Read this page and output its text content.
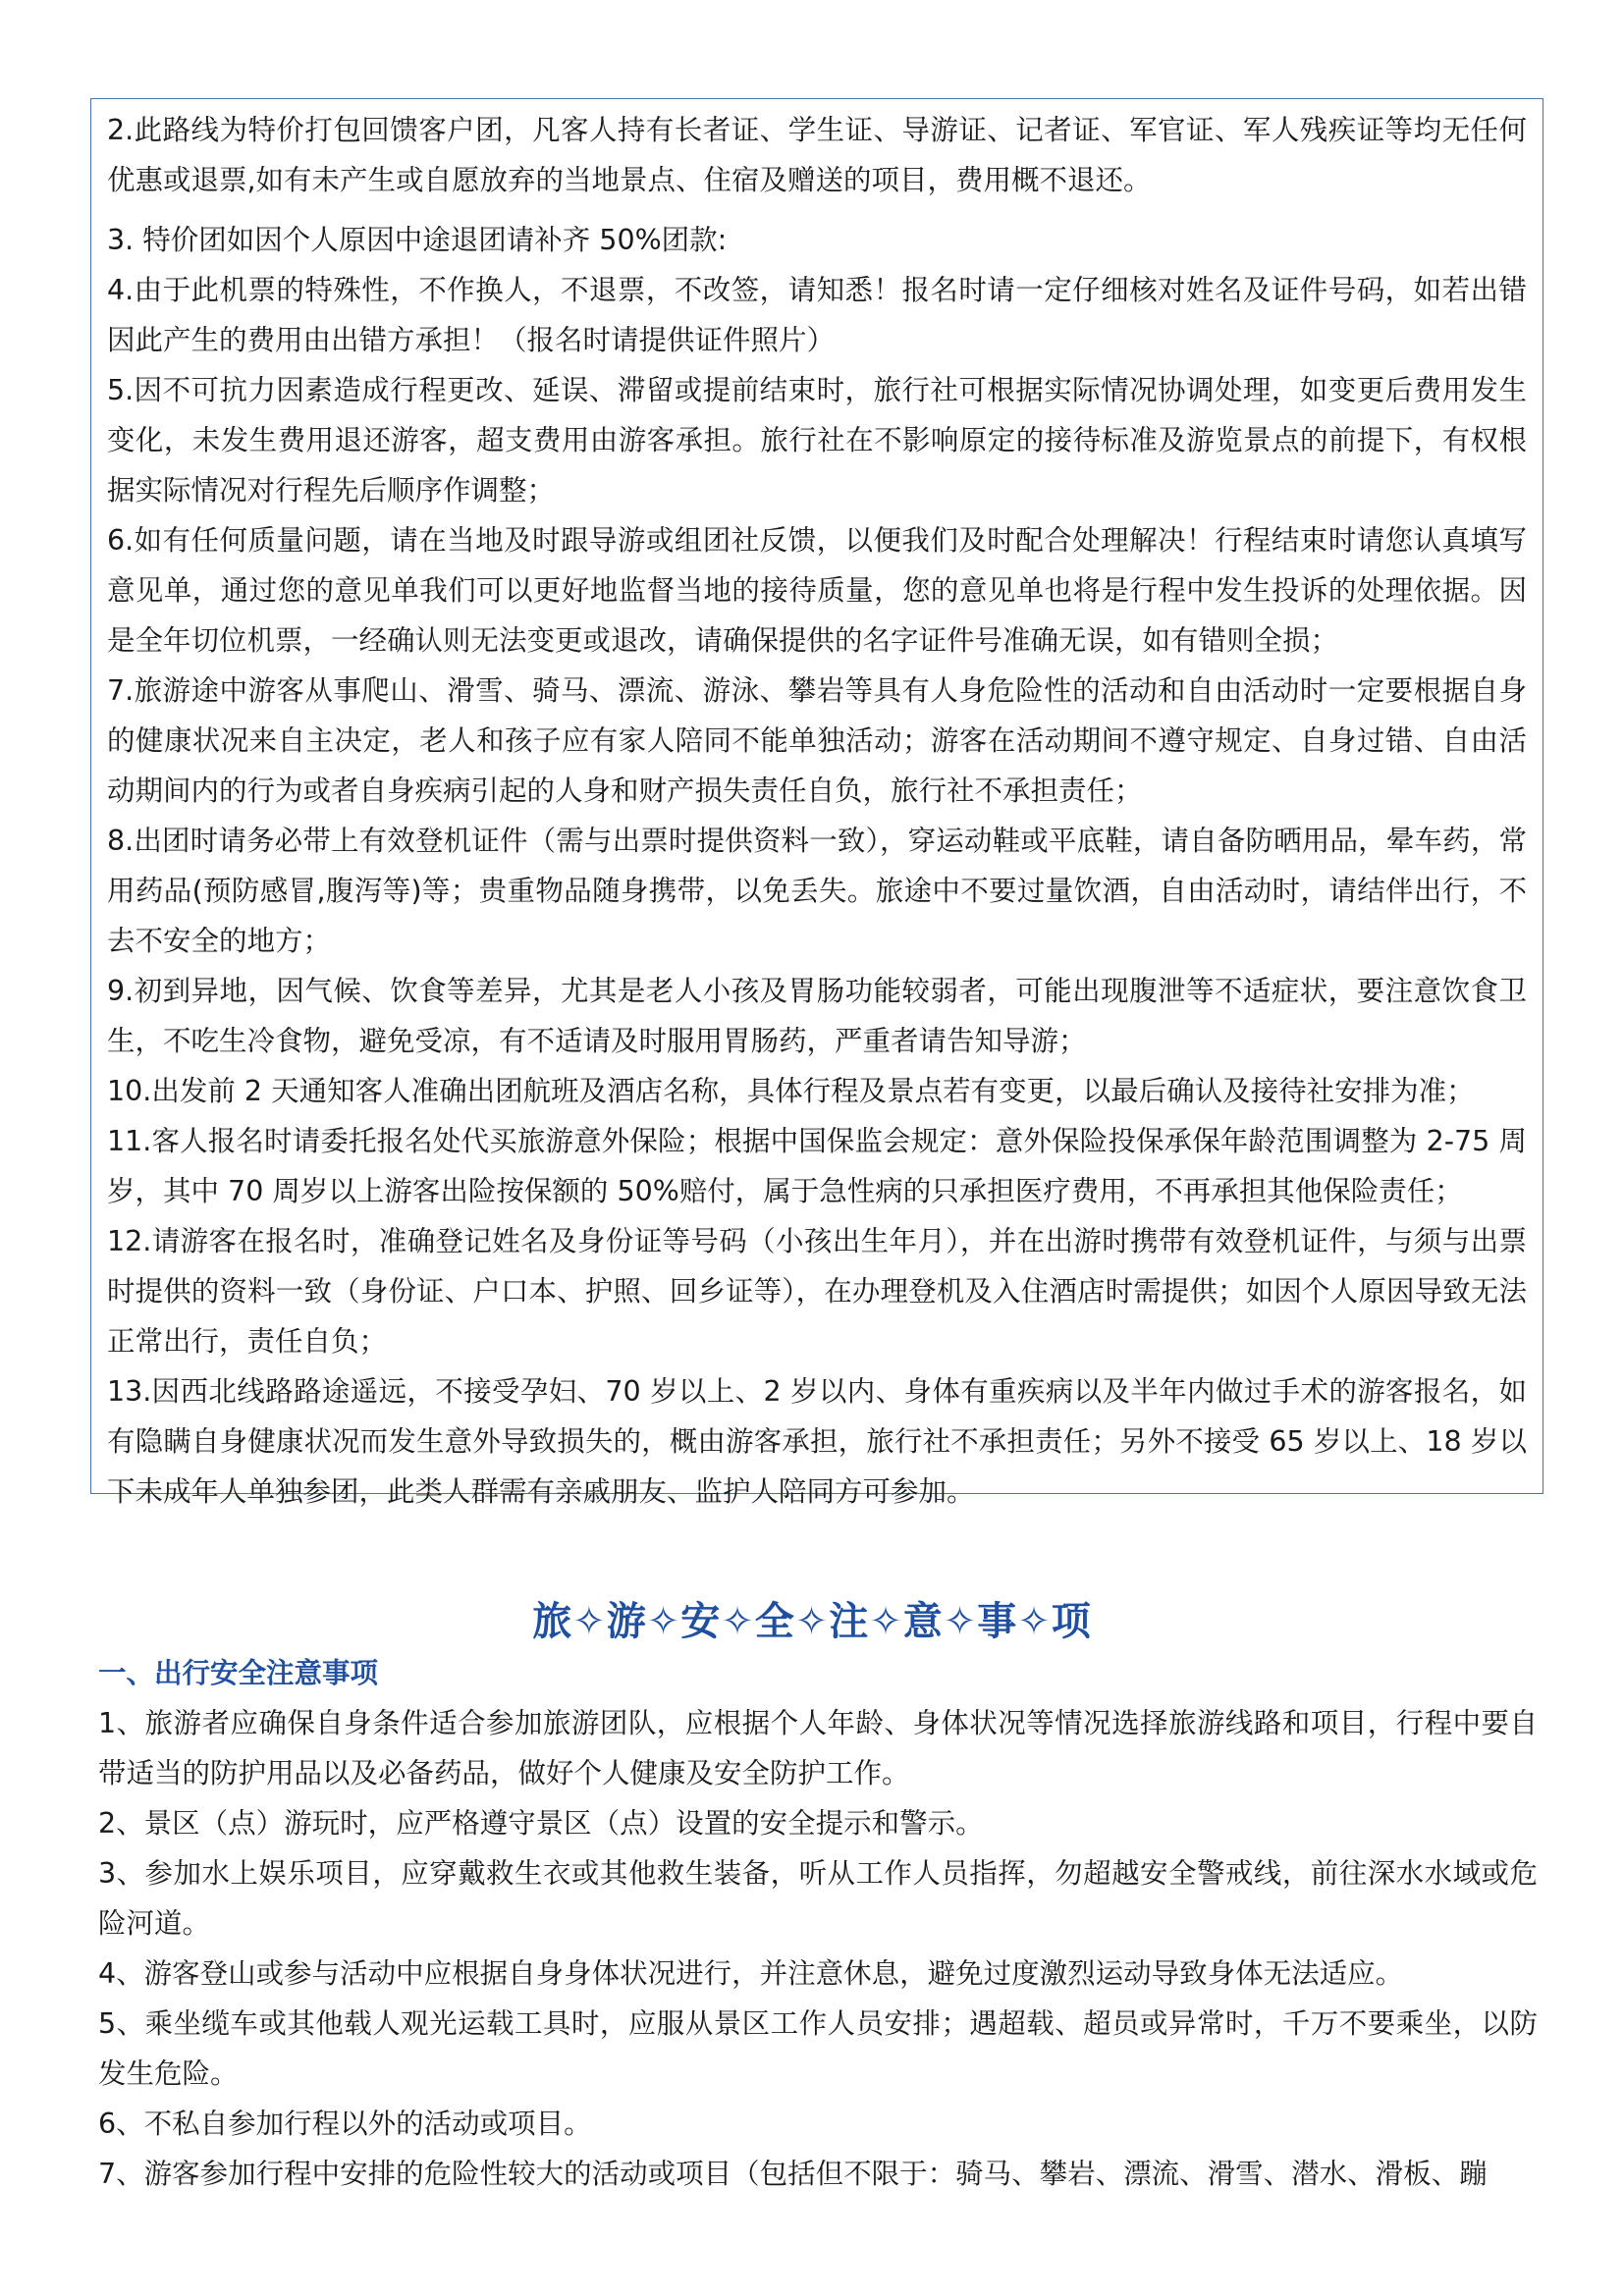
2.此路线为特价打包回馈客户团，凡客人持有长者证、学生证、导游证、记者证、军官证、军人残疾证等均无任何优惠或退票,如有未产生或自愿放弃的当地景点、住宿及赠送的项目，费用概不退还。

3. 特价团如因个人原因中途退团请补齐 50%团款:

4.由于此机票的特殊性，不作换人，不退票，不改签，请知悉！报名时请一定仔细核对姓名及证件号码，如若出错因此产生的费用由出错方承担！（报名时请提供证件照片）

5.因不可抗力因素造成行程更改、延误、滞留或提前结束时，旅行社可根据实际情况协调处理，如变更后费用发生变化，未发生费用退还游客，超支费用由游客承担。旅行社在不影响原定的接待标准及游览景点的前提下，有权根据实际情况对行程先后顺序作调整；

6.如有任何质量问题，请在当地及时跟导游或组团社反馈，以便我们及时配合处理解决！行程结束时请您认真填写意见单，通过您的意见单我们可以更好地监督当地的接待质量，您的意见单也将是行程中发生投诉的处理依据。因是全年切位机票，一经确认则无法变更或退改，请确保提供的名字证件号准确无误，如有错则全损；

7.旅游途中游客从事爬山、滑雪、骑马、漂流、游泳、攀岩等具有人身危险性的活动和自由活动时一定要根据自身的健康状况来自主决定，老人和孩子应有家人陪同不能单独活动；游客在活动期间不遵守规定、自身过错、自由活动期间内的行为或者自身疾病引起的人身和财产损失责任自负，旅行社不承担责任；

8.出团时请务必带上有效登机证件（需与出票时提供资料一致），穿运动鞋或平底鞋，请自备防晒用品，晕车药，常用药品(预防感冒,腹泻等)等；贵重物品随身携带，以免丢失。旅途中不要过量饮酒，自由活动时，请结伴出行，不去不安全的地方；

9.初到异地，因气候、饮食等差异，尤其是老人小孩及胃肠功能较弱者，可能出现腹泄等不适症状，要注意饮食卫生，不吃生冷食物，避免受凉，有不适请及时服用胃肠药，严重者请告知导游；

10.出发前 2 天通知客人准确出团航班及酒店名称，具体行程及景点若有变更，以最后确认及接待社安排为准；

11.客人报名时请委托报名处代买旅游意外保险；根据中国保监会规定：意外保险投保承保年龄范围调整为 2-75 周岁，其中 70 周岁以上游客出险按保额的 50%赔付，属于急性病的只承担医疗费用，不再承担其他保险责任；

12.请游客在报名时，准确登记姓名及身份证等号码（小孩出生年月），并在出游时携带有效登机证件，与须与出票时提供的资料一致（身份证、户口本、护照、回乡证等），在办理登机及入住酒店时需提供；如因个人原因导致无法正常出行，责任自负；

13.因西北线路路途遥远，不接受孕妇、70 岁以上、2 岁以内、身体有重疾病以及半年内做过手术的游客报名，如有隐瞒自身健康状况而发生意外导致损失的，概由游客承担，旅行社不承担责任；另外不接受 65 岁以上、18 岁以下未成年人单独参团，此类人群需有亲戚朋友、监护人陪同方可参加。

旅✧游✧安✧全✧注✧意✧事✧项
一、出行安全注意事项

1、旅游者应确保自身条件适合参加旅游团队，应根据个人年龄、身体状况等情况选择旅游线路和项目，行程中要自带适当的防护用品以及必备药品，做好个人健康及安全防护工作。

2、景区（点）游玩时，应严格遵守景区（点）设置的安全提示和警示。

3、参加水上娱乐项目，应穿戴救生衣或其他救生装备，听从工作人员指挥，勿超越安全警戒线，前往深水水域或危险河道。

4、游客登山或参与活动中应根据自身身体状况进行，并注意休息，避免过度激烈运动导致身体无法适应。

5、乘坐缆车或其他载人观光运载工具时，应服从景区工作人员安排；遇超载、超员或异常时，千万不要乘坐，以防发生危险。

6、不私自参加行程以外的活动或项目。

7、游客参加行程中安排的危险性较大的活动或项目（包括但不限于：骑马、攀岩、漂流、滑雪、潜水、滑板、蹦
